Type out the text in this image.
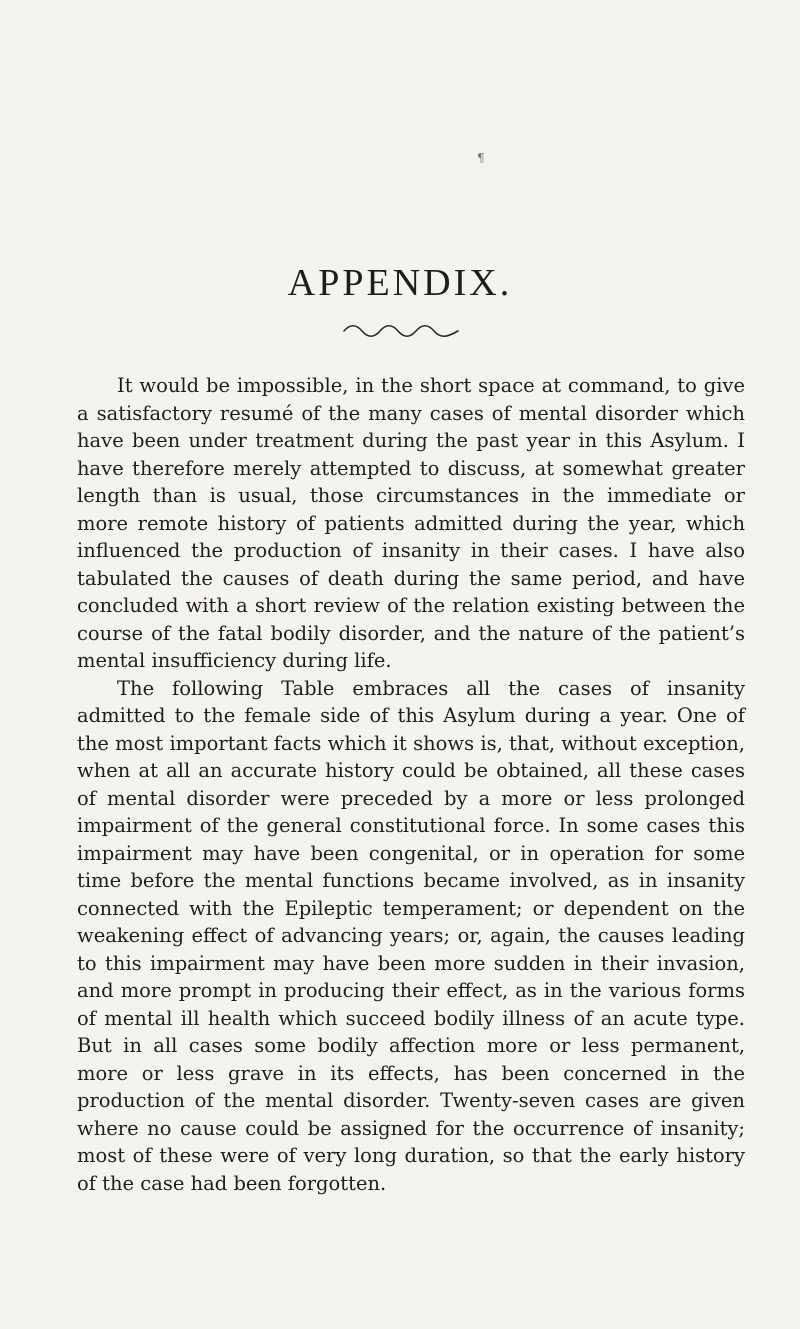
¶
APPENDIX.

It would be impossible, in the short space at command, to give a satisfactory resumé of the many cases of mental disorder which have been under treatment during the past year in this Asylum. I have therefore merely attempted to discuss, at somewhat greater length than is usual, those circumstances in the immediate or more remote history of patients admitted during the year, which influenced the production of insanity in their cases. I have also tabulated the causes of death during the same period, and have concluded with a short review of the relation existing between the course of the fatal bodily disorder, and the nature of the patient’s mental insufficiency during life.

The following Table embraces all the cases of insanity admitted to the female side of this Asylum during a year. One of the most important facts which it shows is, that, without exception, when at all an accurate history could be obtained, all these cases of mental disorder were preceded by a more or less prolonged impairment of the general constitutional force. In some cases this impairment may have been congenital, or in operation for some time before the mental functions became involved, as in insanity connected with the Epileptic temperament; or dependent on the weakening effect of advancing years; or, again, the causes leading to this impairment may have been more sudden in their invasion, and more prompt in producing their effect, as in the various forms of mental ill health which succeed bodily illness of an acute type. But in all cases some bodily affection more or less permanent, more or less grave in its effects, has been concerned in the production of the mental disorder. Twenty-seven cases are given where no cause could be assigned for the occurrence of insanity; most of these were of very long duration, so that the early history of the case had been forgotten.
